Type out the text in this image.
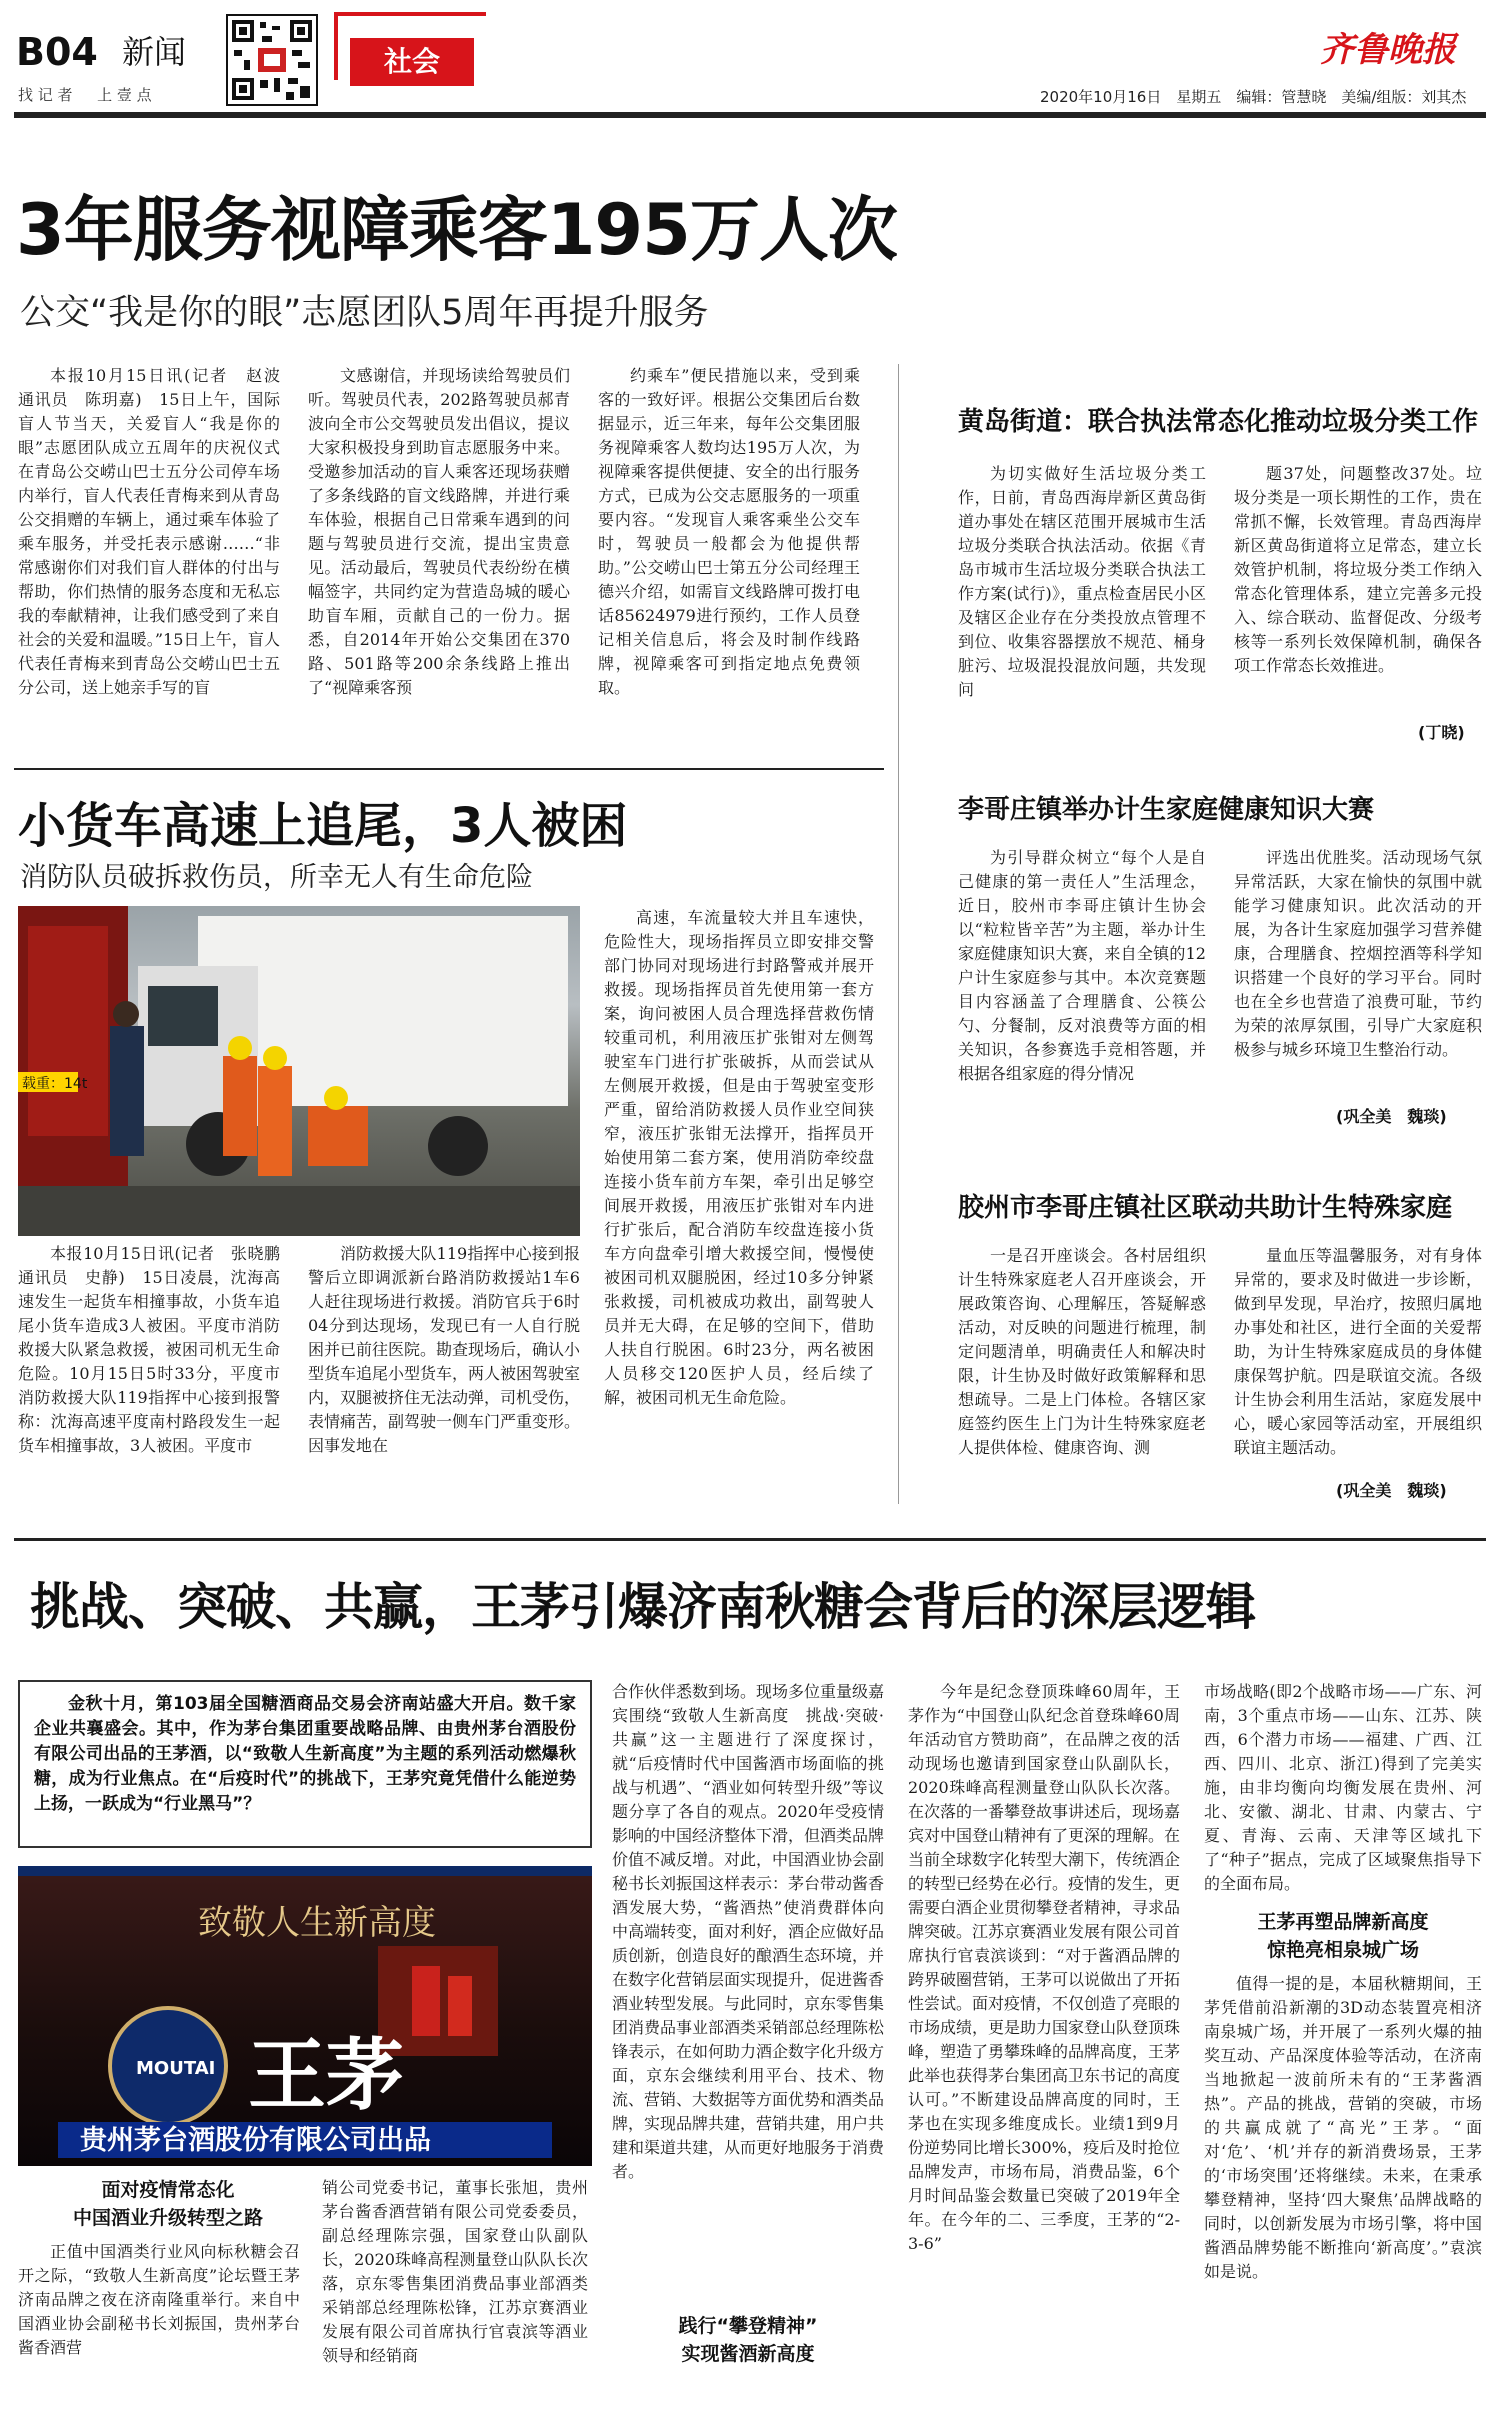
B04 新闻
找 记 者 　 上 壹 点
社会	齐鲁晚报
2020年10月16日　星期五　编辑：管慧晓　美编/组版：刘其杰
3年服务视障乘客195万人次
公交“我是你的眼”志愿团队5周年再提升服务

本报10月15日讯(记者　赵波　通讯员　陈玥嘉)　15日上午，国际盲人节当天，关爱盲人“我是你的眼”志愿团队成立五周年的庆祝仪式在青岛公交崂山巴士五分公司停车场内举行，盲人代表任青梅来到从青岛公交捐赠的车辆上，通过乘车体验了乘车服务，并受托表示感谢……“非常感谢你们对我们盲人群体的付出与帮助，你们热情的服务态度和无私忘我的奉献精神，让我们感受到了来自社会的关爱和温暖。”15日上午，盲人代表任青梅来到青岛公交崂山巴士五分公司，送上她亲手写的盲

文感谢信，并现场读给驾驶员们听。驾驶员代表，202路驾驶员郝青波向全市公交驾驶员发出倡议，提议大家积极投身到助盲志愿服务中来。受邀参加活动的盲人乘客还现场获赠了多条线路的盲文线路牌，并进行乘车体验，根据自己日常乘车遇到的问题与驾驶员进行交流，提出宝贵意见。活动最后，驾驶员代表纷纷在横幅签字，共同约定为营造岛城的暖心助盲车厢，贡献自己的一份力。据悉，自2014年开始公交集团在370路、501路等200余条线路上推出了“视障乘客预

约乘车”便民措施以来，受到乘客的一致好评。根据公交集团后台数据显示，近三年来，每年公交集团服务视障乘客人数均达195万人次，为视障乘客提供便捷、安全的出行服务方式，已成为公交志愿服务的一项重要内容。“发现盲人乘客乘坐公交车时，驾驶员一般都会为他提供帮助。”公交崂山巴士第五分公司经理王德兴介绍，如需盲文线路牌可拨打电话85624979进行预约，工作人员登记相关信息后，将会及时制作线路牌，视障乘客可到指定地点免费领取。

黄岛街道：联合执法常态化推动垃圾分类工作

为切实做好生活垃圾分类工作，日前，青岛西海岸新区黄岛街道办事处在辖区范围开展城市生活垃圾分类联合执法活动。依据《青岛市城市生活垃圾分类联合执法工作方案(试行)》，重点检查居民小区及辖区企业存在分类投放点管理不到位、收集容器摆放不规范、桶身脏污、垃圾混投混放问题，共发现问

题37处，问题整改37处。垃圾分类是一项长期性的工作，贵在常抓不懈，长效管理。青岛西海岸新区黄岛街道将立足常态，建立长效管护机制，将垃圾分类工作纳入常态化管理体系，建立完善多元投入、综合联动、监督促改、分级考核等一系列长效保障机制，确保各项工作常态长效推进。

(丁晓)
小货车高速上追尾，3人被困
消防队员破拆救伤员，所幸无人有生命危险
载重：14t

本报10月15日讯(记者　张晓鹏　通讯员　史静)　15日凌晨，沈海高速发生一起货车相撞事故，小货车追尾小货车造成3人被困。平度市消防救援大队紧急救援，被困司机无生命危险。10月15日5时33分，平度市消防救援大队119指挥中心接到报警称：沈海高速平度南村路段发生一起货车相撞事故，3人被困。平度市

消防救援大队119指挥中心接到报警后立即调派新台路消防救援站1车6人赶往现场进行救援。消防官兵于6时04分到达现场，发现已有一人自行脱困并已前往医院。勘查现场后，确认小型货车追尾小型货车，两人被困驾驶室内，双腿被挤住无法动弹，司机受伤，表情痛苦，副驾驶一侧车门严重变形。因事发地在

高速，车流量较大并且车速快，危险性大，现场指挥员立即安排交警部门协同对现场进行封路警戒并展开救援。现场指挥员首先使用第一套方案，询问被困人员合理选择营救伤情较重司机，利用液压扩张钳对左侧驾驶室车门进行扩张破拆，从而尝试从左侧展开救援，但是由于驾驶室变形严重，留给消防救援人员作业空间狭窄，液压扩张钳无法撑开，指挥员开始使用第二套方案，使用消防牵绞盘连接小货车前方车架，牵引出足够空间展开救援，用液压扩张钳对车内进行扩张后，配合消防车绞盘连接小货车方向盘牵引增大救援空间，慢慢使被困司机双腿脱困，经过10多分钟紧张救援，司机被成功救出，副驾驶人员并无大碍，在足够的空间下，借助人扶自行脱困。6时23分，两名被困人员移交120医护人员，经后续了解，被困司机无生命危险。

李哥庄镇举办计生家庭健康知识大赛

为引导群众树立“每个人是自己健康的第一责任人”生活理念，近日，胶州市李哥庄镇计生协会以“粒粒皆辛苦”为主题，举办计生家庭健康知识大赛，来自全镇的12户计生家庭参与其中。本次竞赛题目内容涵盖了合理膳食、公筷公勺、分餐制，反对浪费等方面的相关知识，各参赛选手竞相答题，并根据各组家庭的得分情况

评选出优胜奖。活动现场气氛异常活跃，大家在愉快的氛围中就能学习健康知识。此次活动的开展，为各计生家庭加强学习营养健康，合理膳食、控烟控酒等科学知识搭建一个良好的学习平台。同时也在全乡也营造了浪费可耻，节约为荣的浓厚氛围，引导广大家庭积极参与城乡环境卫生整治行动。

(巩全美　魏琰)
胶州市李哥庄镇社区联动共助计生特殊家庭

一是召开座谈会。各村居组织计生特殊家庭老人召开座谈会，开展政策咨询、心理解压，答疑解惑活动，对反映的问题进行梳理，制定问题清单，明确责任人和解决时限，计生协及时做好政策解释和思想疏导。二是上门体检。各辖区家庭签约医生上门为计生特殊家庭老人提供体检、健康咨询、测

量血压等温馨服务，对有身体异常的，要求及时做进一步诊断，做到早发现，早治疗，按照归属地办事处和社区，进行全面的关爱帮助，为计生特殊家庭成员的身体健康保驾护航。四是联谊交流。各级计生协会利用生活站，家庭发展中心，暖心家园等活动室，开展组织联谊主题活动。

(巩全美　魏琰)
挑战、突破、共赢，王茅引爆济南秋糖会背后的深层逻辑
金秋十月，第103届全国糖酒商品交易会济南站盛大开启。数千家企业共襄盛会。其中，作为茅台集团重要战略品牌、由贵州茅台酒股份有限公司出品的王茅酒，以“致敬人生新高度”为主题的系列活动燃爆秋糖，成为行业焦点。在“后疫时代”的挑战下，王茅究竟凭借什么能逆势上扬，一跃成为“行业黑马”？
致敬人生新高度
MOUTAI 王茅
贵州茅台酒股份有限公司出品
面对疫情常态化
中国酒业升级转型之路

正值中国酒类行业风向标秋糖会召开之际，“致敬人生新高度”论坛暨王茅济南品牌之夜在济南隆重举行。来自中国酒业协会副秘书长刘振国，贵州茅台酱香酒营

销公司党委书记，董事长张旭，贵州茅台酱香酒营销有限公司党委委员，副总经理陈宗强，国家登山队副队长，2020珠峰高程测量登山队队长次落，京东零售集团消费品事业部酒类采销部总经理陈松锋，江苏京赛酒业发展有限公司首席执行官袁滨等酒业领导和经销商

合作伙伴悉数到场。现场多位重量级嘉宾围绕“致敬人生新高度　挑战·突破·共赢”这一主题进行了深度探讨，就“后疫情时代中国酱酒市场面临的挑战与机遇”、“酒业如何转型升级”等议题分享了各自的观点。2020年受疫情影响的中国经济整体下滑，但酒类品牌价值不减反增。对此，中国酒业协会副秘书长刘振国这样表示：茅台带动酱香酒发展大势，“酱酒热”使消费群体向中高端转变，面对利好，酒企应做好品质创新，创造良好的酿酒生态环境，并在数字化营销层面实现提升，促进酱香酒业转型发展。与此同时，京东零售集团消费品事业部酒类采销部总经理陈松锋表示，在如何助力酒企数字化升级方面，京东会继续利用平台、技术、物流、营销、大数据等方面优势和酒类品牌，实现品牌共建，营销共建，用户共建和渠道共建，从而更好地服务于消费者。

践行“攀登精神”
实现酱酒新高度

今年是纪念登顶珠峰60周年，王茅作为“中国登山队纪念首登珠峰60周年活动官方赞助商”，在品牌之夜的活动现场也邀请到国家登山队副队长，2020珠峰高程测量登山队队长次落。在次落的一番攀登故事讲述后，现场嘉宾对中国登山精神有了更深的理解。在当前全球数字化转型大潮下，传统酒企的转型已经势在必行。疫情的发生，更需要白酒企业贯彻攀登者精神，寻求品牌突破。江苏京赛酒业发展有限公司首席执行官袁滨谈到：“对于酱酒品牌的跨界破圈营销，王茅可以说做出了开拓性尝试。面对疫情，不仅创造了亮眼的市场成绩，更是助力国家登山队登顶珠峰，塑造了勇攀珠峰的品牌高度，王茅此举也获得茅台集团高卫东书记的高度认可。”不断建设品牌高度的同时，王茅也在实现多维度成长。业绩1到9月份逆势同比增长300%，疫后及时抢位品牌发声，市场布局，消费品鉴，6个月时间品鉴会数量已突破了2019年全年。在今年的二、三季度，王茅的“2-3-6”

市场战略(即2个战略市场——广东、河南，3个重点市场——山东、江苏、陕西，6个潜力市场——福建、广西、江西、四川、北京、浙江)得到了完美实施，由非均衡向均衡发展在贵州、河北、安徽、湖北、甘肃、内蒙古、宁夏、青海、云南、天津等区域扎下了“种子”据点，完成了区域聚焦指导下的全面布局。

王茅再塑品牌新高度
惊艳亮相泉城广场

值得一提的是，本届秋糖期间，王茅凭借前沿新潮的3D动态装置亮相济南泉城广场，并开展了一系列火爆的抽奖互动、产品深度体验等活动，在济南当地掀起一波前所未有的“王茅酱酒热”。产品的挑战，营销的突破，市场的共赢成就了“高光”王茅。“面对‘危’、‘机’并存的新消费场景，王茅的‘市场突围’还将继续。未来，在秉承攀登精神，坚持‘四大聚焦’品牌战略的同时，以创新发展为市场引擎，将中国酱酒品牌势能不断推向‘新高度’。”袁滨如是说。
